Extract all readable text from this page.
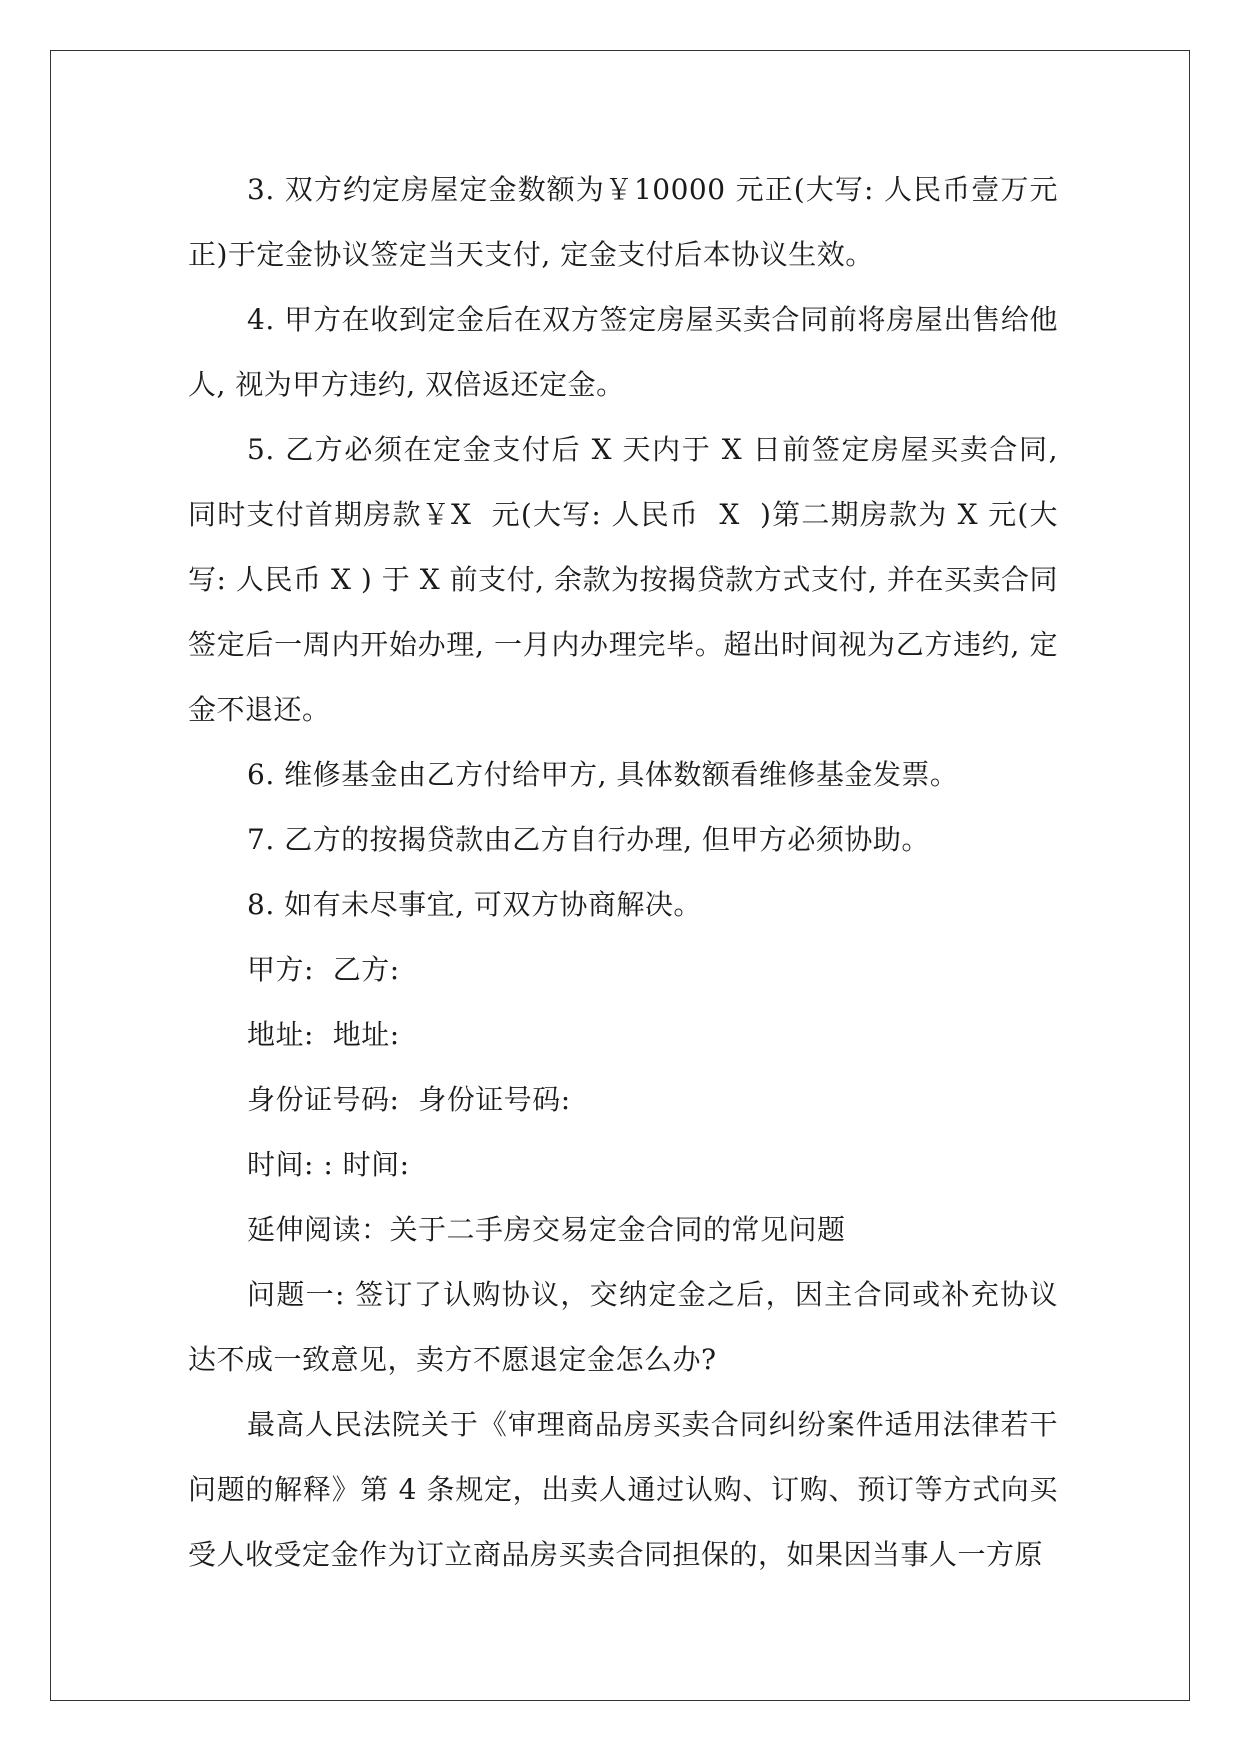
3. 双方约定房屋定金数额为￥10000 元正(大写: 人民币壹万元正)于定金协议签定当天支付, 定金支付后本协议生效。

4. 甲方在收到定金后在双方签定房屋买卖合同前将房屋出售给他人, 视为甲方违约, 双倍返还定金。

5. 乙方必须在定金支付后 X 天内于 X 日前签定房屋买卖合同, 同时支付首期房款￥X  元(大写: 人民币  X  )第二期房款为 X 元(大写: 人民币 X ) 于 X 前支付, 余款为按揭贷款方式支付, 并在买卖合同签定后一周内开始办理, 一月内办理完毕。超出时间视为乙方违约, 定金不退还。

6. 维修基金由乙方付给甲方, 具体数额看维修基金发票。

7. 乙方的按揭贷款由乙方自行办理, 但甲方必须协助。

8. 如有未尽事宜, 可双方协商解决。

甲方:  乙方:

地址:  地址:

身份证号码:  身份证号码:

时间: : 时间:

延伸阅读：关于二手房交易定金合同的常见问题

问题一: 签订了认购协议，交纳定金之后，因主合同或补充协议达不成一致意见，卖方不愿退定金怎么办?

最高人民法院关于《审理商品房买卖合同纠纷案件适用法律若干问题的解释》第 4 条规定，出卖人通过认购、订购、预订等方式向买受人收受定金作为订立商品房买卖合同担保的，如果因当事人一方原
